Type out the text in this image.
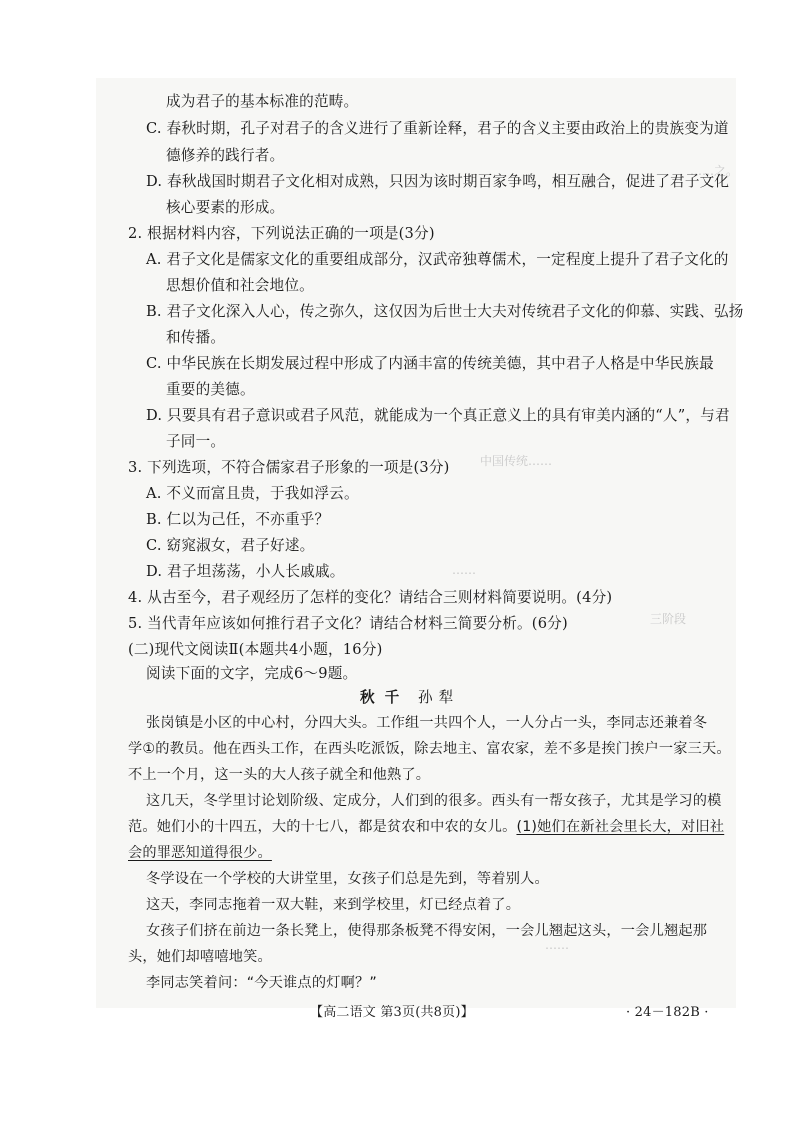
……之。
中国传统……
……
三阶段
……
成为君子的基本标准的范畴。
C. 春秋时期，孔子对君子的含义进行了重新诠释，君子的含义主要由政治上的贵族变为道
德修养的践行者。
D. 春秋战国时期君子文化相对成熟，只因为该时期百家争鸣，相互融合，促进了君子文化
核心要素的形成。
2. 根据材料内容，下列说法正确的一项是(3分)
A. 君子文化是儒家文化的重要组成部分，汉武帝独尊儒术，一定程度上提升了君子文化的
思想价值和社会地位。
B. 君子文化深入人心，传之弥久，这仅因为后世士大夫对传统君子文化的仰慕、实践、弘扬
和传播。
C. 中华民族在长期发展过程中形成了内涵丰富的传统美德，其中君子人格是中华民族最
重要的美德。
D. 只要具有君子意识或君子风范，就能成为一个真正意义上的具有审美内涵的“人”，与君
子同一。
3. 下列选项，不符合儒家君子形象的一项是(3分)
A. 不义而富且贵，于我如浮云。
B. 仁以为己任，不亦重乎？
C. 窈窕淑女，君子好逑。
D. 君子坦荡荡，小人长戚戚。
4. 从古至今，君子观经历了怎样的变化？请结合三则材料简要说明。(4分)
5. 当代青年应该如何推行君子文化？请结合材料三简要分析。(6分)
(二)现代文阅读Ⅱ(本题共4小题，16分)
阅读下面的文字，完成6～9题。
秋千 孙犁
张岗镇是小区的中心村，分四大头。工作组一共四个人，一人分占一头，李同志还兼着冬
学①的教员。他在西头工作，在西头吃派饭，除去地主、富农家，差不多是挨门挨户一家三天。
不上一个月，这一头的大人孩子就全和他熟了。
这几天，冬学里讨论划阶级、定成分，人们到的很多。西头有一帮女孩子，尤其是学习的模
范。她们小的十四五，大的十七八，都是贫农和中农的女儿。(1)她们在新社会里长大，对旧社
会的罪恶知道得很少。
冬学设在一个学校的大讲堂里，女孩子们总是先到，等着别人。
这天，李同志拖着一双大鞋，来到学校里，灯已经点着了。
女孩子们挤在前边一条长凳上，使得那条板凳不得安闲，一会儿翘起这头，一会儿翘起那
头，她们却嘻嘻地笑。
李同志笑着问：“今天谁点的灯啊？”
【高二语文 第3页(共8页)】	· 24－182B ·
